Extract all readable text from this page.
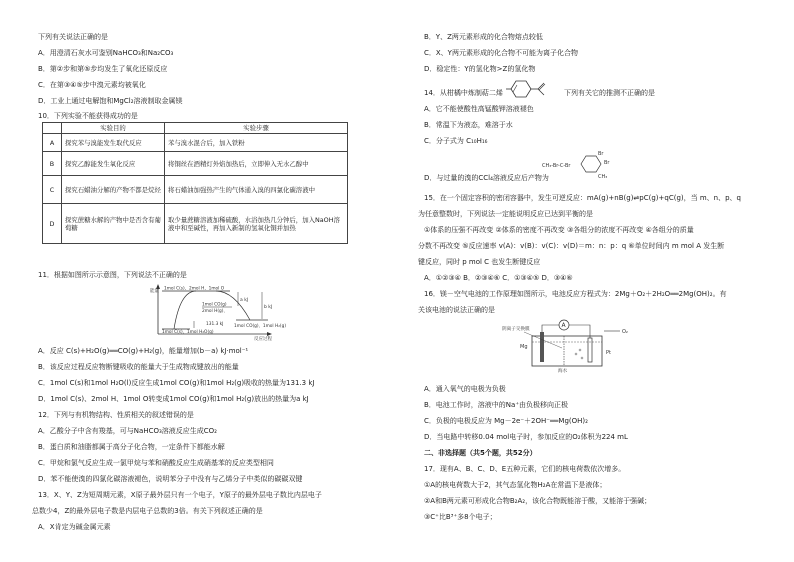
下列有关说法正确的是
A．用澄清石灰水可鉴别NaHCO₃和Na₂CO₃
B．第②步和第⑤步均发生了氧化还原反应
C．在第③④⑤步中溴元素均被氧化
D．工业上通过电解饱和MgCl₂溶液制取金属镁
10．下列实验不能获得成功的是
	实验目的	实验步骤
A	探究苯与溴能发生取代反应	苯与溴水混合后，加入铁粉
B	探究乙醇能发生氧化反应	将铜丝在酒精灯外焰加热后，立即伸入无水乙醇中
C	探究石蜡油分解的产物不都是烷烃	将石蜡油加强热产生的气体通入溴的四氯化碳溶液中
D	探究蔗糖水解的产物中是否含有葡萄糖	取少量蔗糖溶液加稀硫酸，水浴加热几分钟后，加入NaOH溶液中和至碱性，再加入新制的氢氧化铜并加热
11．根据如图所示示意图，下列说法不正确的是
能量
反应过程
1mol C(s)、2mol H、1mol O
1mol CO(g)
2mol H(g)、
1mol C(s)、1mol H₂O(g)
1mol CO(g)、1mol H₂(g)
a kJ
b kJ
131.3 kJ
A．反应 C(s)+H₂O(g)══CO(g)+H₂(g)，能量增加(b－a) kJ·mol⁻¹
B．该反应过程反应物断键吸收的能量大于生成物成键放出的能量
C．1mol C(s)和1mol H₂O(l)反应生成1mol CO(g)和1mol H₂(g)吸收的热量为131.3 kJ
D．1mol C(s)、2mol H、1mol O转变成1mol CO(g)和1mol H₂(g)放出的热量为a kJ
12．下列与有机物结构、性质相关的叙述错误的是
A．乙酸分子中含有羧基，可与NaHCO₃溶液反应生成CO₂
B．蛋白质和油脂都属于高分子化合物，一定条件下都能水解
C．甲烷和氯气反应生成一氯甲烷与苯和硝酸反应生成硝基苯的反应类型相同
D．苯不能使溴的四氯化碳溶液褪色，说明苯分子中没有与乙烯分子中类似的碳碳双键
13．X、Y、Z为短周期元素，X原子最外层只有一个电子，Y原子的最外层电子数比内层电子
总数少4，Z的最外层电子数是内层电子总数的3倍。有关下列叙述正确的是
A．X肯定为碱金属元素
B．Y、Z两元素形成的化合物熔点较低
C．X、Y两元素形成的化合物不可能为离子化合物
D．稳定性：Y的氢化物>Z的氢化物
14．从柑橘中炼制萜二烯	下列有关它的推测不正确的是
A．它不能使酸性高锰酸钾溶液褪色
B．常温下为液态，难溶于水
C．分子式为 C₁₀H₁₆
CH₃-Br-C-Br
Br
Br
CH₃
D．与过量的溴的CCl₄溶液反应后产物为
15．在一个固定容积的密闭容器中，发生可逆反应：mA(g)+nB(g)⇌pC(g)+qC(g)，当 m、n、p、q
为任意整数时，下列说法一定能说明反应已达到平衡的是
①体系的压强不再改变 ②体系的密度不再改变 ③各组分的浓度不再改变 ④各组分的质量
分数不再改变 ⑤反应速率 v(A)：v(B)：v(C)：v(D)＝m：n：p：q ⑥单位时间内 m mol A 发生断
键反应，同时 p mol C 也发生断键反应
A．①②③④ B．②③④⑥ C．①③④⑤ D．③④⑥
16．镁－空气电池的工作原理如图所示，电池反应方程式为：2Mg＋O₂＋2H₂O══2Mg(OH)₂。有
关该电池的说法正确的是
A
O₂
阴离子交换膜
Mg
Pt
海水
A．通入氧气的电极为负极
B．电池工作时，溶液中的Na⁺由负极移向正极
C．负极的电极反应为 Mg－2e⁻＋2OH⁻══Mg(OH)₂
D．当电路中转移0.04 mol电子时，参加反应的O₂体积为224 mL
二、非选择题（共5个题，共52分）
17．现有A、B、C、D、E五种元素，它们的核电荷数依次增多。
①A的核电荷数大于2，其气态氢化物H₂A在常温下是液体；
②A和B两元素可形成化合物B₂A₂，该化合物既能溶于酸，又能溶于强碱；
③C⁺比B³⁺多8个电子；
